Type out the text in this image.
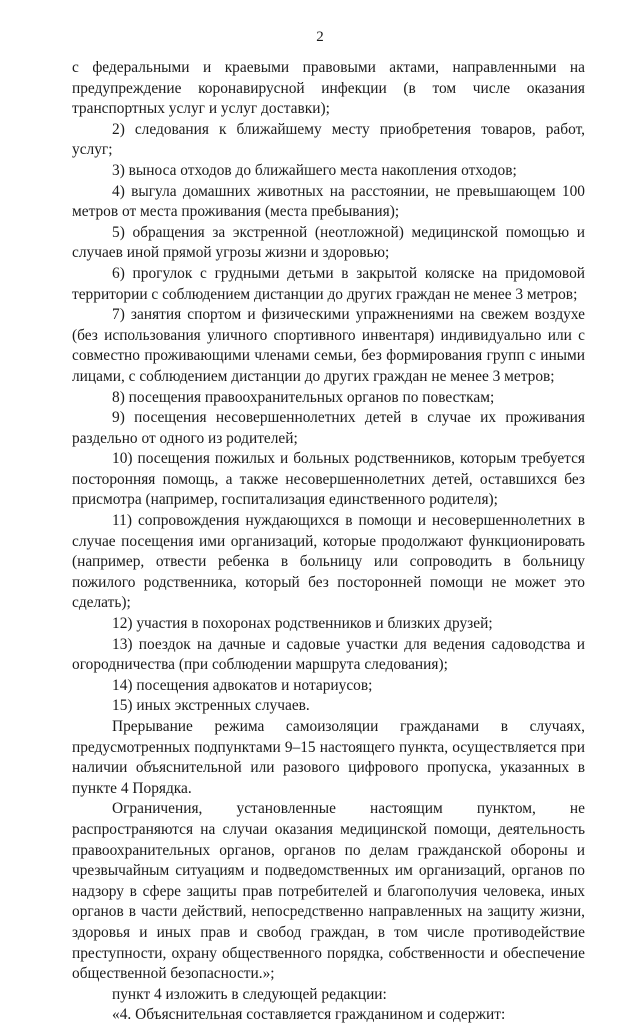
2

с федеральными и краевыми правовыми актами, направленными на предупреждение коронавирусной инфекции (в том числе оказания транспортных услуг и услуг доставки);

2) следования к ближайшему месту приобретения товаров, работ, услуг;

3) выноса отходов до ближайшего места накопления отходов;

4) выгула домашних животных на расстоянии, не превышающем 100 метров от места проживания (места пребывания);

5) обращения за экстренной (неотложной) медицинской помощью и случаев иной прямой угрозы жизни и здоровью;

6) прогулок с грудными детьми в закрытой коляске на придомовой территории с соблюдением дистанции до других граждан не менее 3 метров;

7) занятия спортом и физическими упражнениями на свежем воздухе (без использования уличного спортивного инвентаря) индивидуально или с совместно проживающими членами семьи, без формирования групп с иными лицами, с соблюдением дистанции до других граждан не менее 3 метров;

8) посещения правоохранительных органов по повесткам;

9) посещения несовершеннолетних детей в случае их проживания раздельно от одного из родителей;

10) посещения пожилых и больных родственников, которым требуется посторонняя помощь, а также несовершеннолетних детей, оставшихся без присмотра (например, госпитализация единственного родителя);

11) сопровождения нуждающихся в помощи и несовершеннолетних в случае посещения ими организаций, которые продолжают функционировать (например, отвести ребенка в больницу или сопроводить в больницу пожилого родственника, который без посторонней помощи не может это сделать);

12) участия в похоронах родственников и близких друзей;

13) поездок на дачные и садовые участки для ведения садоводства и огородничества (при соблюдении маршрута следования);

14) посещения адвокатов и нотариусов;

15) иных экстренных случаев.

Прерывание режима самоизоляции гражданами в случаях, предусмотренных подпунктами 9–15 настоящего пункта, осуществляется при наличии объяснительной или разового цифрового пропуска, указанных в пункте 4 Порядка.

Ограничения, установленные настоящим пунктом, не распространяются на случаи оказания медицинской помощи, деятельность правоохранительных органов, органов по делам гражданской обороны и чрезвычайным ситуациям и подведомственных им организаций, органов по надзору в сфере защиты прав потребителей и благополучия человека, иных органов в части действий, непосредственно направленных на защиту жизни, здоровья и иных прав и свобод граждан, в том числе противодействие преступности, охрану общественного порядка, собственности и обеспечение общественной безопасности.»;

пункт 4 изложить в следующей редакции:

«4. Объяснительная составляется гражданином и содержит:
